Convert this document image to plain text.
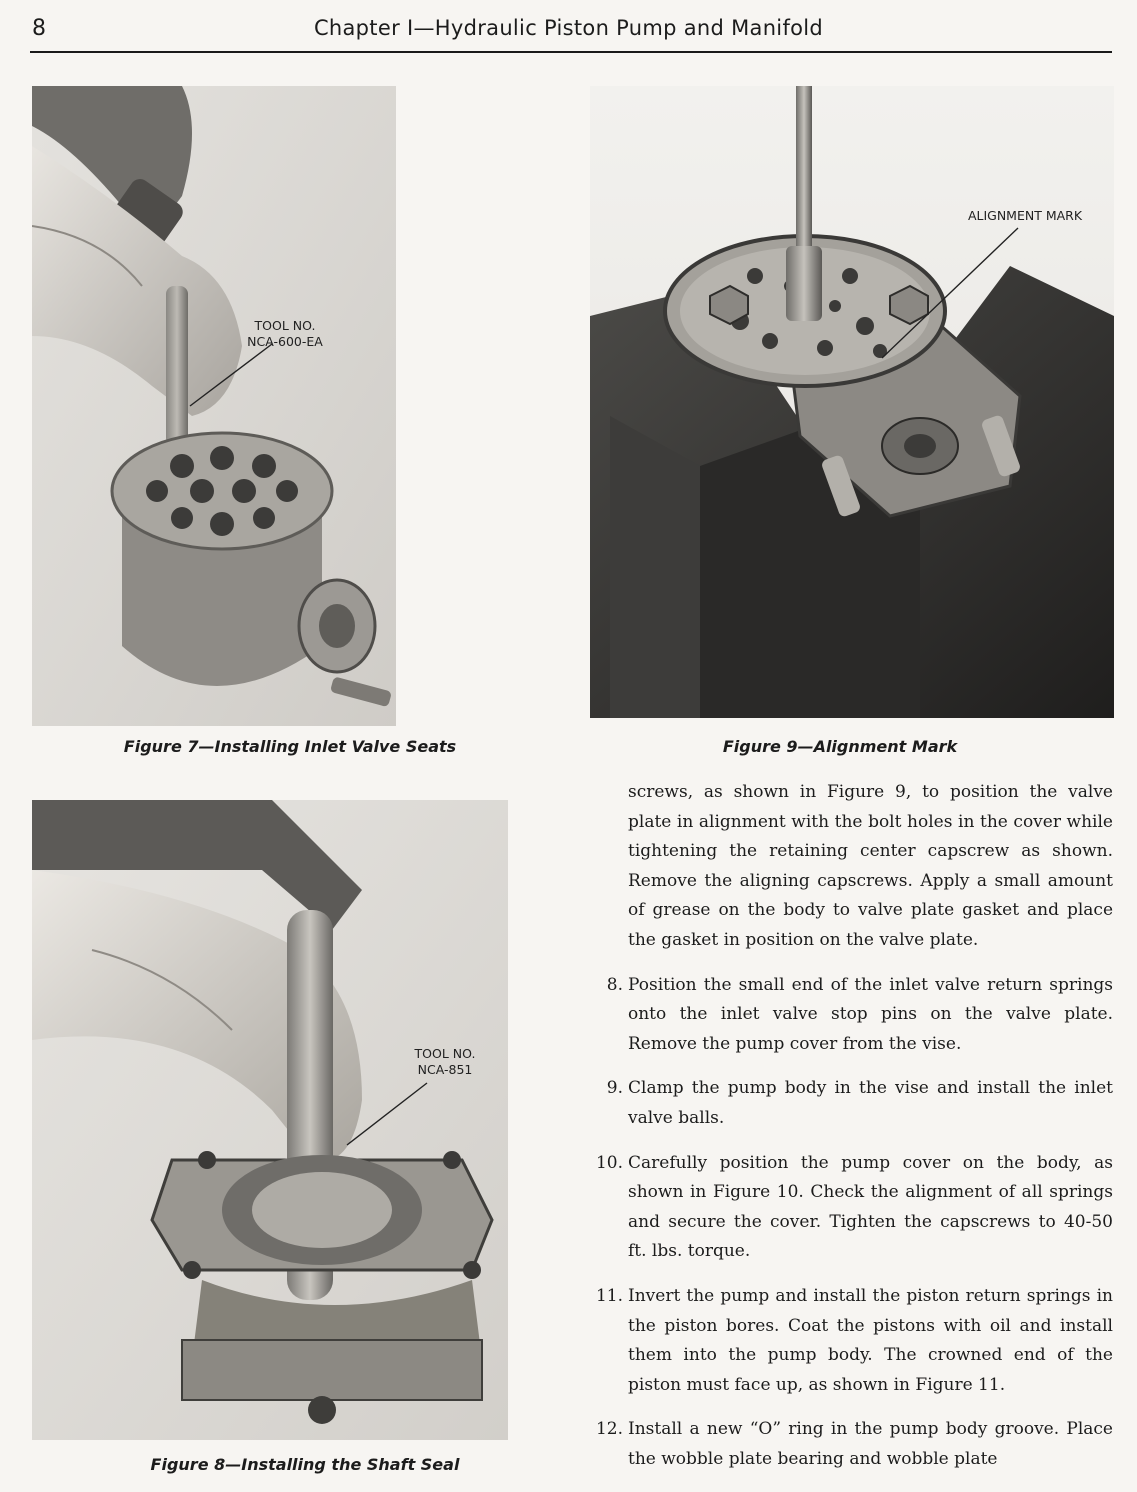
8	Chapter I—Hydraulic Piston Pump and Manifold
TOOL NO.
NCA-600-EA
Figure 7—Installing Inlet Valve Seats
ALIGNMENT MARK
Figure 9—Alignment Mark
TOOL NO.
NCA-851
Figure 8—Installing the Shaft Seal

screws, as shown in Figure 9, to position the valve plate in alignment with the bolt holes in the cover while tightening the retaining center capscrew as shown. Remove the aligning capscrews. Apply a small amount of grease on the body to valve plate gasket and place the gasket in position on the valve plate.

8. Position the small end of the inlet valve return springs onto the inlet valve stop pins on the valve plate. Remove the pump cover from the vise.
9. Clamp the pump body in the vise and install the inlet valve balls.
10. Carefully position the pump cover on the body, as shown in Figure 10. Check the alignment of all springs and secure the cover. Tighten the capscrews to 40-50 ft. lbs. torque.
11. Invert the pump and install the piston return springs in the piston bores. Coat the pistons with oil and install them into the pump body. The crowned end of the piston must face up, as shown in Figure 11.
12. Install a new “O” ring in the pump body groove. Place the wobble plate bearing and wobble plate
